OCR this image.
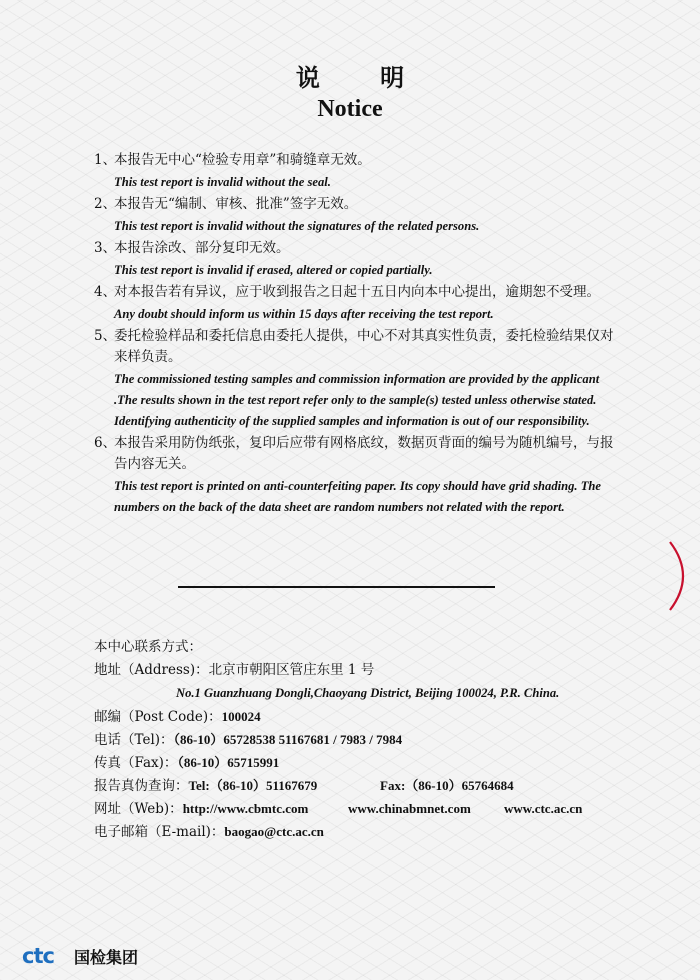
说 明
Notice
1、
本报告无中心“检验专用章”和骑缝章无效。
This test report is invalid without the seal.
2、
本报告无“编制、审核、批准”签字无效。
This test report is invalid without the signatures of the related persons.
3、
本报告涂改、部分复印无效。
This test report is invalid if erased, altered or copied partially.
4、
对本报告若有异议，应于收到报告之日起十五日内向本中心提出，逾期恕不受理。
Any doubt should inform us within 15 days after receiving the test report.
5、
委托检验样品和委托信息由委托人提供，中心不对其真实性负责，委托检验结果仅对来样负责。
The commissioned testing samples and commission information are provided by the applicant .The results shown in the test report refer only to the sample(s) tested unless otherwise stated. Identifying authenticity of the supplied samples and information is out of our responsibility.
6、
本报告采用防伪纸张，复印后应带有网格底纹，数据页背面的编号为随机编号，与报告内容无关。
This test report is printed on anti-counterfeiting paper. Its copy should have grid shading. The numbers on the back of the data sheet are random numbers not related with the report.
本中心联系方式：
地址（Address)：北京市朝阳区管庄东里 1 号
No.1 Guanzhuang Dongli,Chaoyang District, Beijing 100024, P.R. China.
邮编（Post Code)：100024
电话（Tel)：（86-10）65728538 51167681 / 7983 / 7984
传真（Fax)：（86-10）65715991
报告真伪查询：Tel:（86-10）51167679	Fax:（86-10）65764684
网址（Web)：http://www.cbmtc.com	www.chinabmnet.com	www.ctc.ac.cn
电子邮箱（E-mail)：baogao@ctc.ac.cn
ctc 国检集团
